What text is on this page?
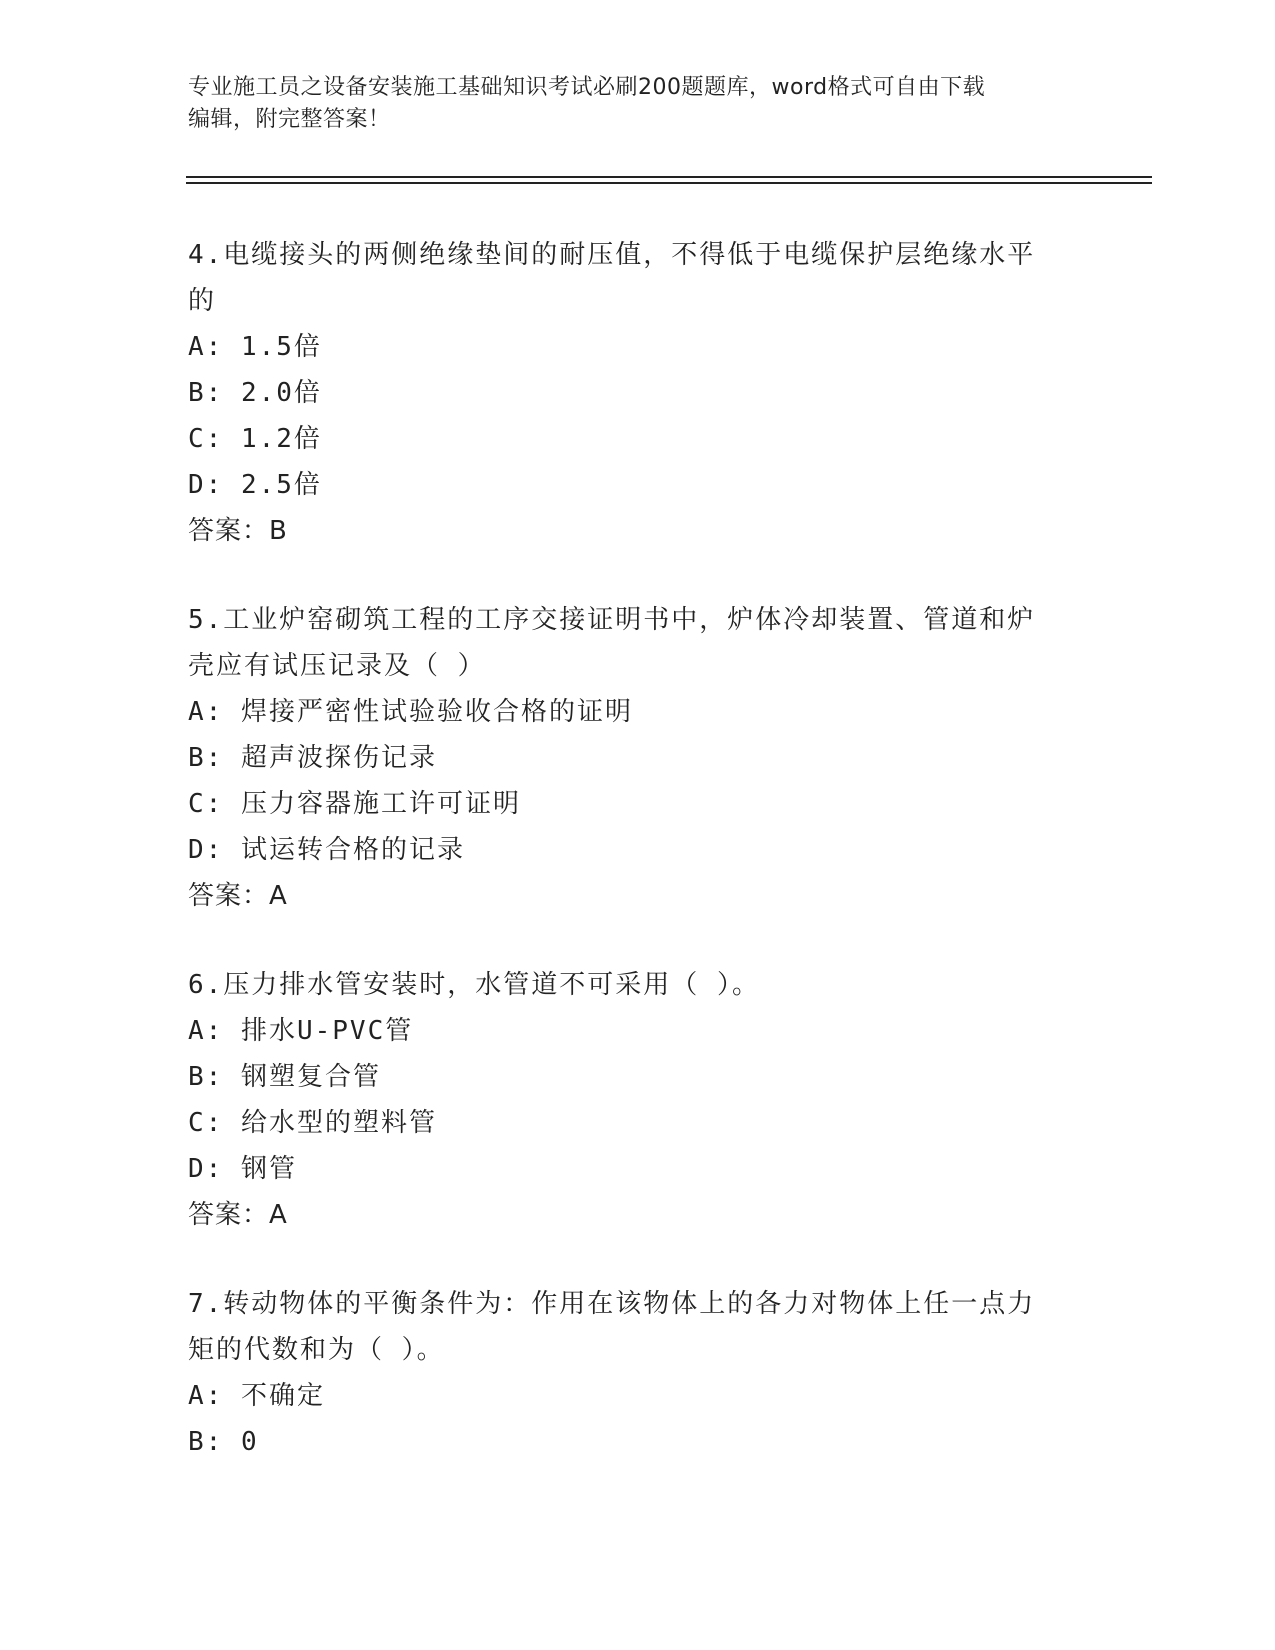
专业施工员之设备安装施工基础知识考试必刷200题题库，word格式可自由下载
编辑，附完整答案！
4.电缆接头的两侧绝缘垫间的耐压值，不得低于电缆保护层绝缘水平
的
A: 1.5倍
B: 2.0倍
C: 1.2倍
D: 2.5倍
答案：B
5.工业炉窑砌筑工程的工序交接证明书中，炉体冷却装置、管道和炉
壳应有试压记录及（ ）
A: 焊接严密性试验验收合格的证明
B: 超声波探伤记录
C: 压力容器施工许可证明
D: 试运转合格的记录
答案：A
6.压力排水管安装时，水管道不可采用（ ）。
A: 排水U-PVC管
B: 钢塑复合管
C: 给水型的塑料管
D: 钢管
答案：A
7.转动物体的平衡条件为：作用在该物体上的各力对物体上任一点力
矩的代数和为（ ）。
A: 不确定
B: 0
